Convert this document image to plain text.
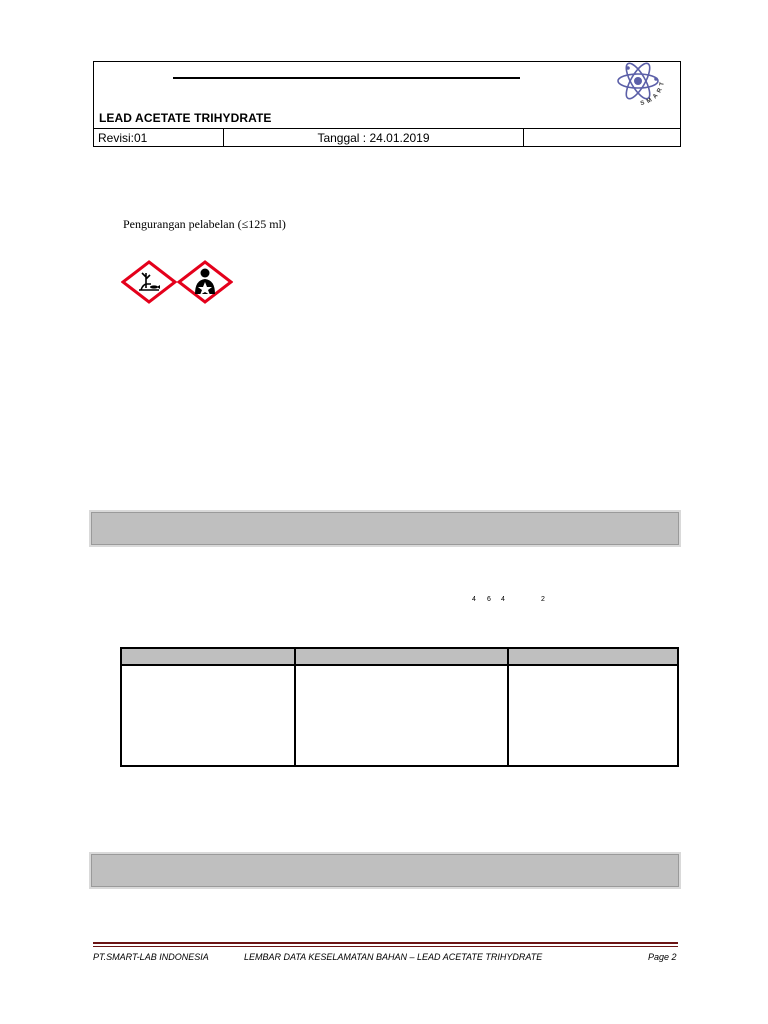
LEAD ACETATE TRIHYDRATE
Revisi:01	Tanggal : 24.01.2019
SMART
Pengurangan pelabelan (≤125 ml)
4 6 4	2

PT.SMART-LAB INDONESIA	LEMBAR DATA KESELAMATAN BAHAN – LEAD ACETATE TRIHYDRATE	Page 2
